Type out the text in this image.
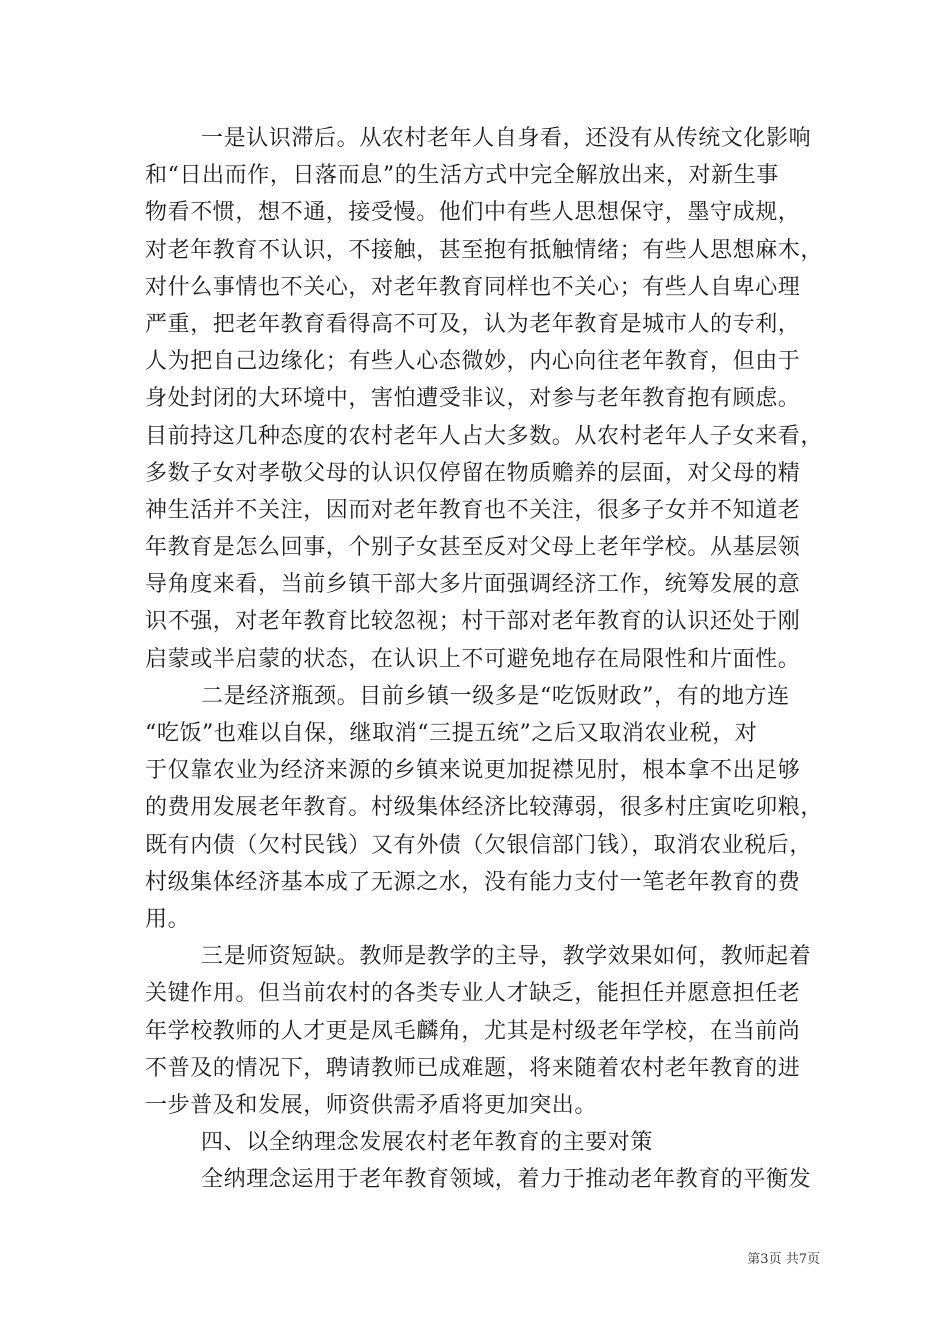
一是认识滞后。从农村老年人自身看，还没有从传统文化影响
和“日出而作，日落而息”的生活方式中完全解放出来，对新生事
物看不惯，想不通，接受慢。他们中有些人思想保守，墨守成规，
对老年教育不认识，不接触，甚至抱有抵触情绪；有些人思想麻木，
对什么事情也不关心，对老年教育同样也不关心；有些人自卑心理
严重，把老年教育看得高不可及，认为老年教育是城市人的专利，
人为把自己边缘化；有些人心态微妙，内心向往老年教育，但由于
身处封闭的大环境中，害怕遭受非议，对参与老年教育抱有顾虑。
目前持这几种态度的农村老年人占大多数。从农村老年人子女来看，
多数子女对孝敬父母的认识仅停留在物质赡养的层面，对父母的精
神生活并不关注，因而对老年教育也不关注，很多子女并不知道老
年教育是怎么回事，个别子女甚至反对父母上老年学校。从基层领
导角度来看，当前乡镇干部大多片面强调经济工作，统筹发展的意
识不强，对老年教育比较忽视；村干部对老年教育的认识还处于刚
启蒙或半启蒙的状态，在认识上不可避免地存在局限性和片面性。
二是经济瓶颈。目前乡镇一级多是“吃饭财政”，有的地方连
“吃饭”也难以自保，继取消“三提五统”之后又取消农业税，对
于仅靠农业为经济来源的乡镇来说更加捉襟见肘，根本拿不出足够
的费用发展老年教育。村级集体经济比较薄弱，很多村庄寅吃卯粮，
既有内债（欠村民钱）又有外债（欠银信部门钱），取消农业税后，
村级集体经济基本成了无源之水，没有能力支付一笔老年教育的费
用。
三是师资短缺。教师是教学的主导，教学效果如何，教师起着
关键作用。但当前农村的各类专业人才缺乏，能担任并愿意担任老
年学校教师的人才更是凤毛麟角，尤其是村级老年学校，在当前尚
不普及的情况下，聘请教师已成难题，将来随着农村老年教育的进
一步普及和发展，师资供需矛盾将更加突出。
四、以全纳理念发展农村老年教育的主要对策
全纳理念运用于老年教育领域，着力于推动老年教育的平衡发
第3页 共7页
